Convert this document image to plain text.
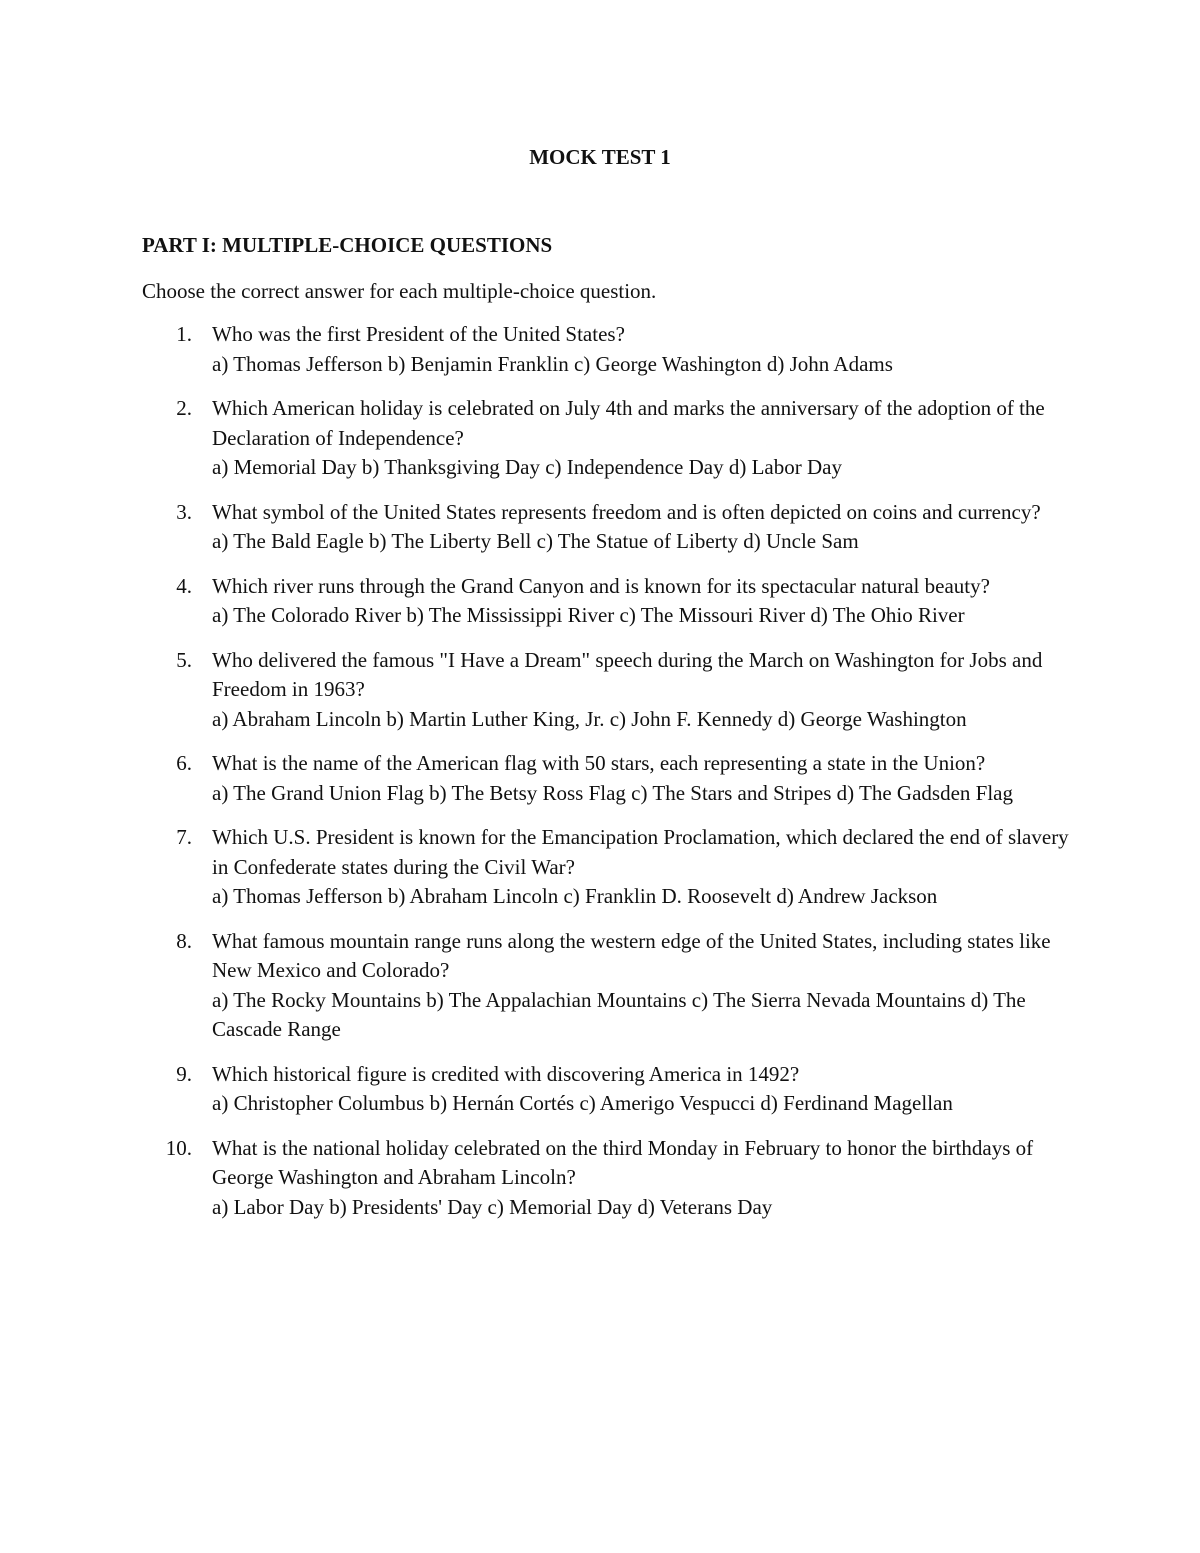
MOCK TEST 1
PART I: MULTIPLE-CHOICE QUESTIONS
Choose the correct answer for each multiple-choice question.
1. Who was the first President of the United States?
a) Thomas Jefferson b) Benjamin Franklin c) George Washington d) John Adams
2. Which American holiday is celebrated on July 4th and marks the anniversary of the adoption of the Declaration of Independence?
a) Memorial Day b) Thanksgiving Day c) Independence Day d) Labor Day
3. What symbol of the United States represents freedom and is often depicted on coins and currency?
a) The Bald Eagle b) The Liberty Bell c) The Statue of Liberty d) Uncle Sam
4. Which river runs through the Grand Canyon and is known for its spectacular natural beauty?
a) The Colorado River b) The Mississippi River c) The Missouri River d) The Ohio River
5. Who delivered the famous "I Have a Dream" speech during the March on Washington for Jobs and Freedom in 1963?
a) Abraham Lincoln b) Martin Luther King, Jr. c) John F. Kennedy d) George Washington
6. What is the name of the American flag with 50 stars, each representing a state in the Union?
a) The Grand Union Flag b) The Betsy Ross Flag c) The Stars and Stripes d) The Gadsden Flag
7. Which U.S. President is known for the Emancipation Proclamation, which declared the end of slavery in Confederate states during the Civil War?
a) Thomas Jefferson b) Abraham Lincoln c) Franklin D. Roosevelt d) Andrew Jackson
8. What famous mountain range runs along the western edge of the United States, including states like New Mexico and Colorado?
a) The Rocky Mountains b) The Appalachian Mountains c) The Sierra Nevada Mountains d) The Cascade Range
9. Which historical figure is credited with discovering America in 1492?
a) Christopher Columbus b) Hernán Cortés c) Amerigo Vespucci d) Ferdinand Magellan
10. What is the national holiday celebrated on the third Monday in February to honor the birthdays of George Washington and Abraham Lincoln?
a) Labor Day b) Presidents' Day c) Memorial Day d) Veterans Day
